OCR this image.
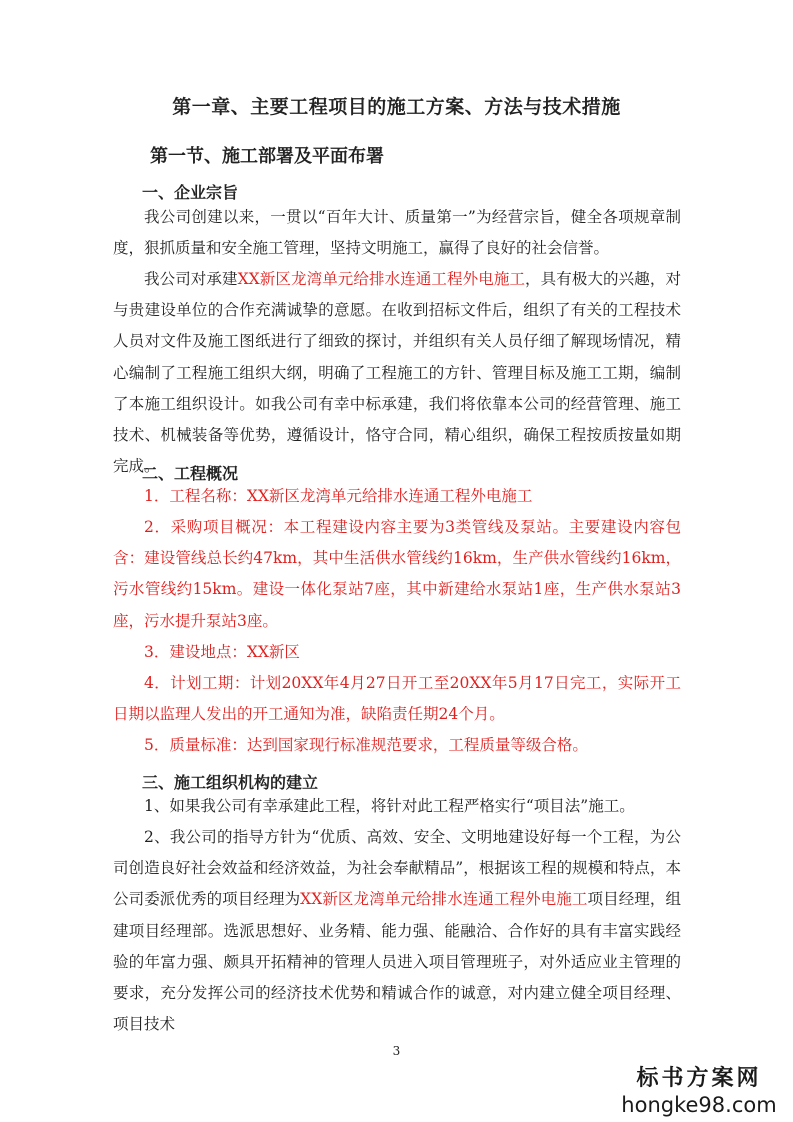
第一章、主要工程项目的施工方案、方法与技术措施
第一节、施工部署及平面布署
一、企业宗旨

我公司创建以来，一贯以“百年大计、质量第一”为经营宗旨，健全各项规章制度，狠抓质量和安全施工管理，坚持文明施工，赢得了良好的社会信誉。

我公司对承建XX新区龙湾单元给排水连通工程外电施工，具有极大的兴趣，对与贵建设单位的合作充满诚挚的意愿。在收到招标文件后，组织了有关的工程技术人员对文件及施工图纸进行了细致的探讨，并组织有关人员仔细了解现场情况，精心编制了工程施工组织大纲，明确了工程施工的方针、管理目标及施工工期，编制了本施工组织设计。如我公司有幸中标承建，我们将依靠本公司的经营管理、施工技术、机械装备等优势，遵循设计，恪守合同，精心组织，确保工程按质按量如期完成。

二、工程概况

1．工程名称：XX新区龙湾单元给排水连通工程外电施工

2．采购项目概况：本工程建设内容主要为3类管线及泵站。主要建设内容包含：建设管线总长约47km，其中生活供水管线约16km，生产供水管线约16km，污水管线约15km。建设一体化泵站7座，其中新建给水泵站1座，生产供水泵站3座，污水提升泵站3座。

3．建设地点：XX新区

4．计划工期：计划20XX年4月27日开工至20XX年5月17日完工，实际开工日期以监理人发出的开工通知为准，缺陷责任期24个月。

5．质量标准：达到国家现行标准规范要求，工程质量等级合格。

三、施工组织机构的建立

1、如果我公司有幸承建此工程，将针对此工程严格实行“项目法”施工。

2、我公司的指导方针为“优质、高效、安全、文明地建设好每一个工程，为公司创造良好社会效益和经济效益，为社会奉献精品”，根据该工程的规模和特点，本公司委派优秀的项目经理为XX新区龙湾单元给排水连通工程外电施工项目经理，组建项目经理部。选派思想好、业务精、能力强、能融洽、合作好的具有丰富实践经验的年富力强、颇具开拓精神的管理人员进入项目管理班子，对外适应业主管理的要求，充分发挥公司的经济技术优势和精诚合作的诚意，对内建立健全项目经理、项目技术

3
标书方案网
hongke98.com
